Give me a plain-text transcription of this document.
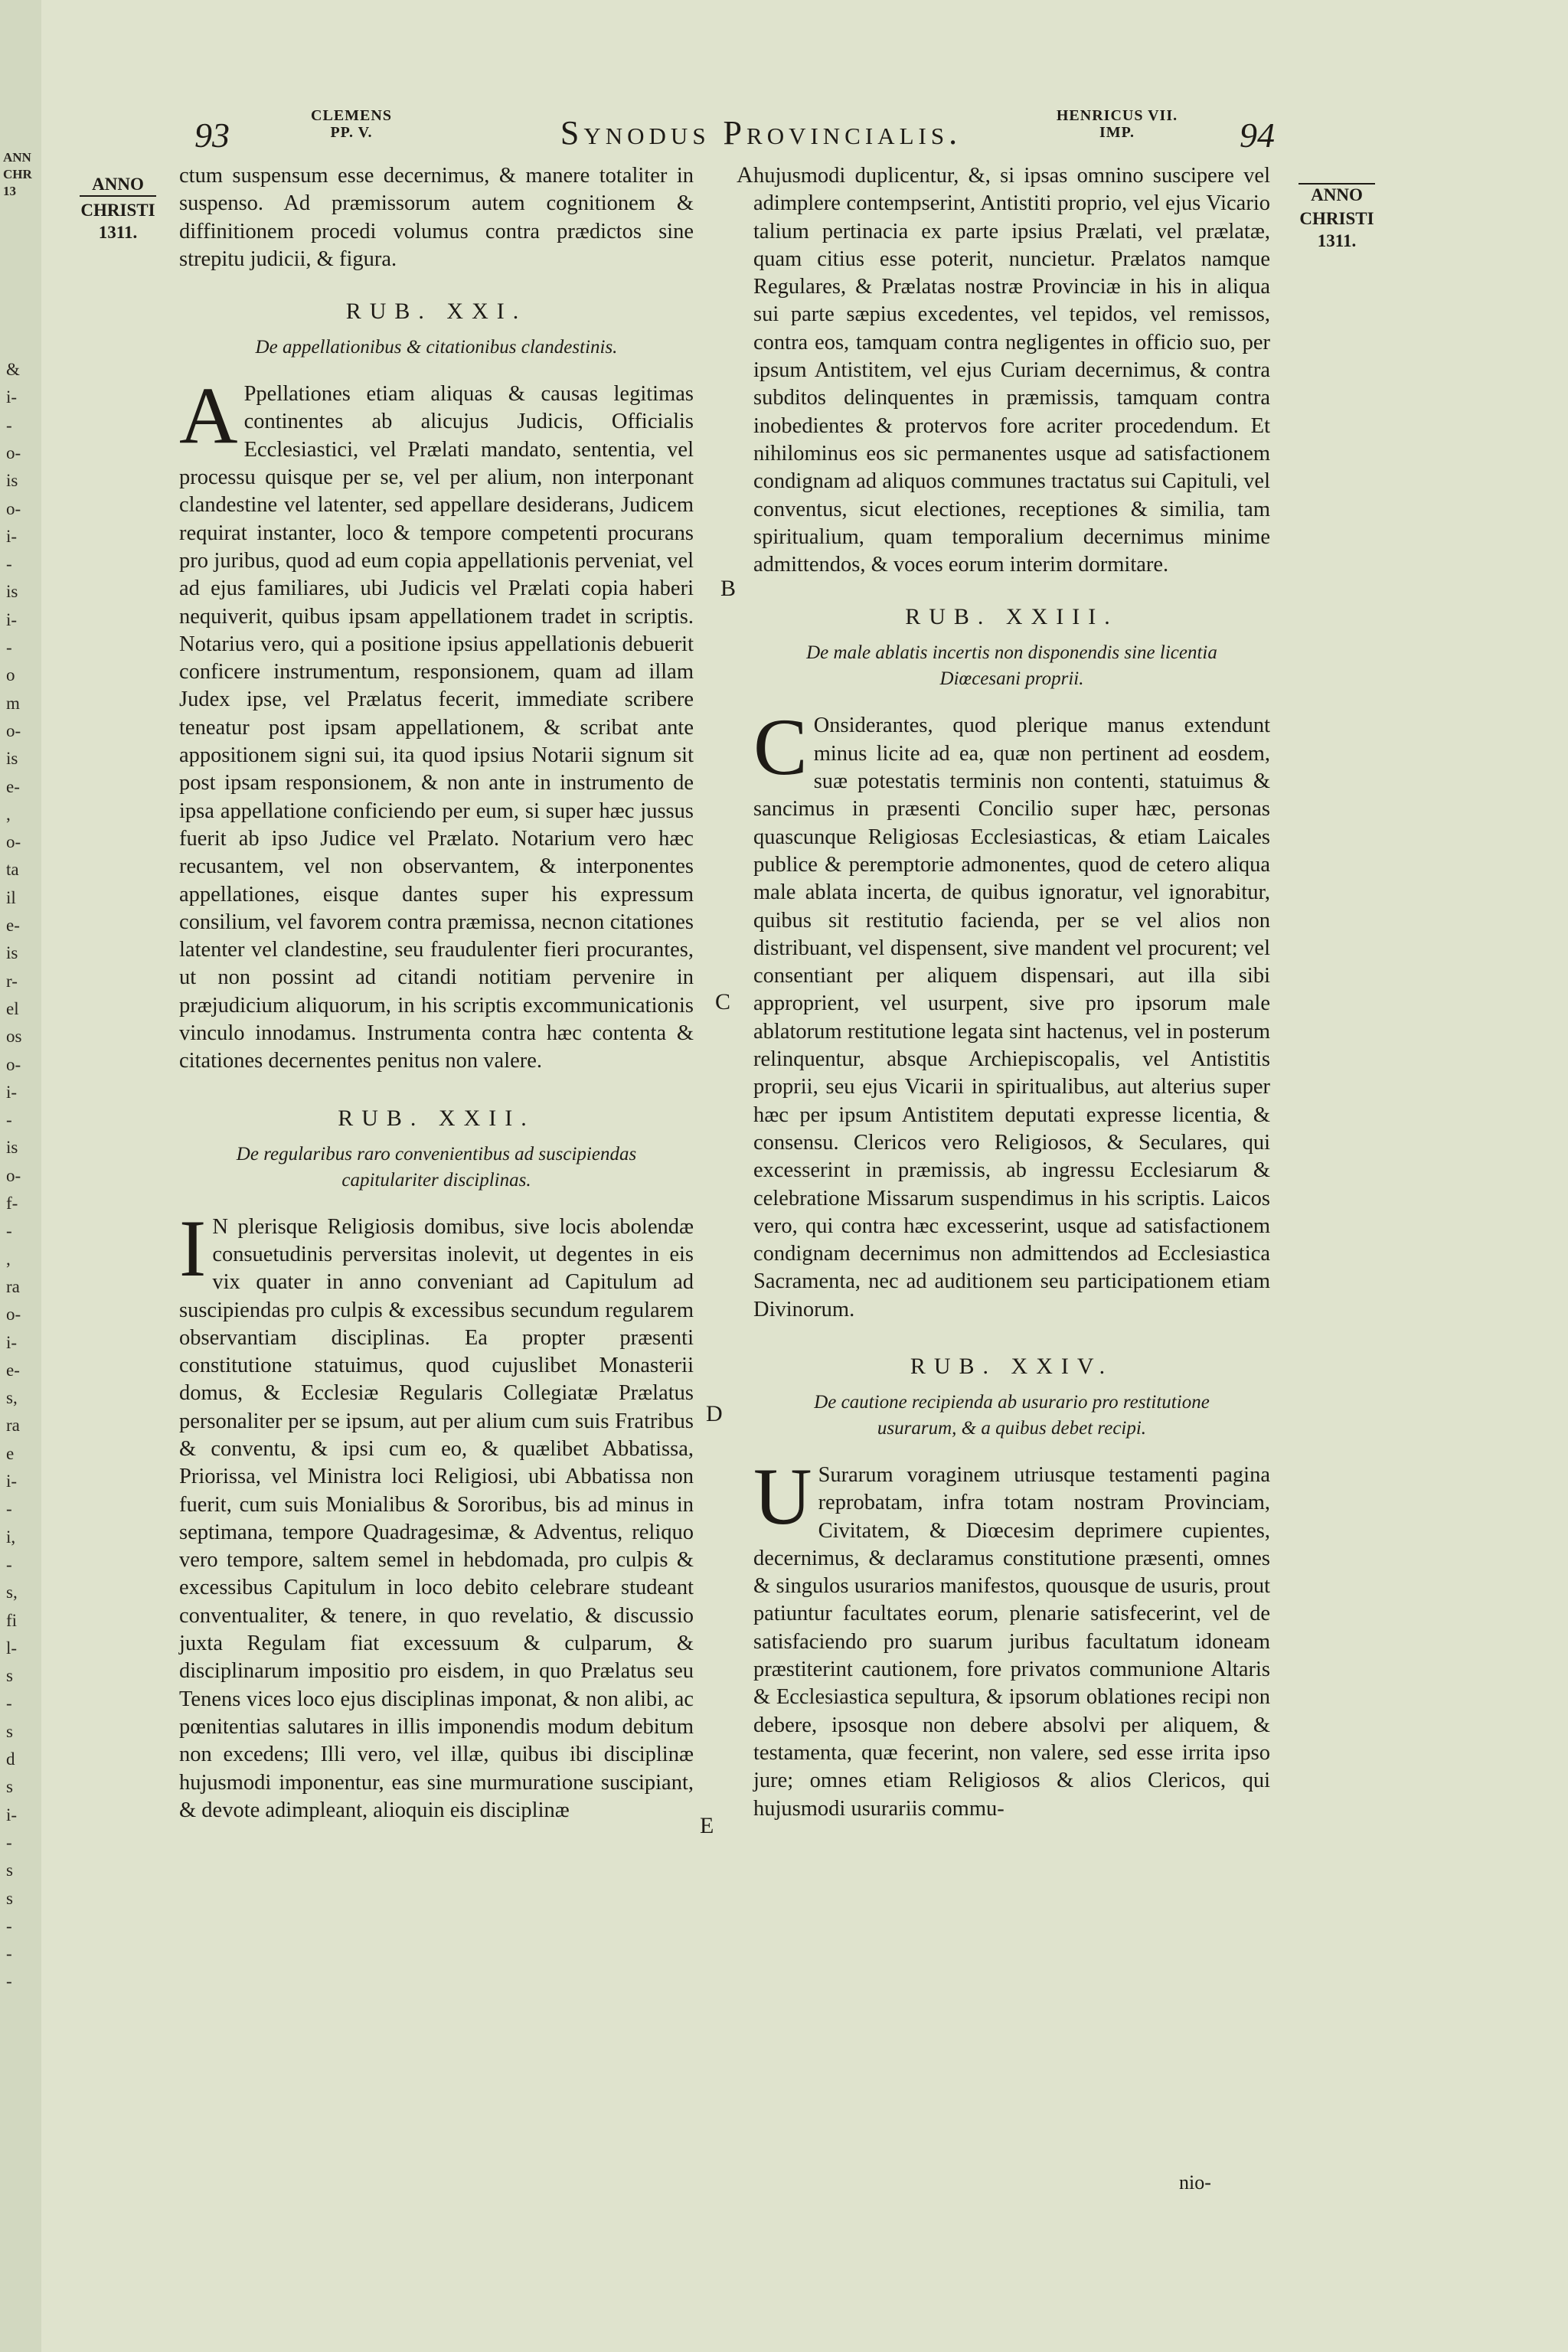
ANN
CHR
13
&
i-
-
o-
is
o-
i-
-
is
i-
-
o
m
o-
is
e-
,
o-
ta
il
e-
is
r-
el
os
o-
i-
-
is
o-
f-
-
,
ra
o-
i-
e-
s,
ra
e
i-
-
i,
-
s,
fi
l-
s
-
s
d
s
i-
-
s
s
-
-
-
93	CLEMENS
PP. V.	Synodus Provincialis.	HENRICUS VII.
IMP.	94
ANNO
CHRISTI
1311.
ANNO
CHRISTI
1311.
A
B
C
D
E

ctum suspensum esse decernimus, & manere totaliter in suspenso. Ad præmissorum autem cognitionem & diffinitionem procedi volumus contra prædictos sine strepitu judicii, & figura.

RUB. XXI.
De appellationibus & citationibus clandestinis.

A Ppellationes etiam aliquas & causas legitimas continentes ab alicujus Judicis, Officialis Ecclesiastici, vel Prælati mandato, sententia, vel processu quisque per se, vel per alium, non interponant clandestine vel latenter, sed appellare desiderans, Judicem requirat instanter, loco & tempore competenti procurans pro juribus, quod ad eum copia appellationis perveniat, vel ad ejus familiares, ubi Judicis vel Prælati copia haberi nequiverit, quibus ipsam appellationem tradet in scriptis. Notarius vero, qui a positione ipsius appellationis debuerit conficere instrumentum, responsionem, quam ad illam Judex ipse, vel Prælatus fecerit, immediate scribere teneatur post ipsam appellationem, & scribat ante appositionem signi sui, ita quod ipsius Notarii signum sit post ipsam responsionem, & non ante in instrumento de ipsa appellatione conficiendo per eum, si super hæc jussus fuerit ab ipso Judice vel Prælato. Notarium vero hæc recusantem, vel non observantem, & interponentes appellationes, eisque dantes super his expressum consilium, vel favorem contra præmissa, necnon citationes latenter vel clandestine, seu fraudulenter fieri procurantes, ut non possint ad citandi notitiam pervenire in præjudicium aliquorum, in his scriptis excommunicationis vinculo innodamus. Instrumenta contra hæc contenta & citationes decernentes penitus non valere.

RUB. XXII.
De regularibus raro convenientibus ad suscipiendas capitulariter disciplinas.

I N plerisque Religiosis domibus, sive locis abolendæ consuetudinis perversitas inolevit, ut degentes in eis vix quater in anno conveniant ad Capitulum ad suscipiendas pro culpis & excessibus secundum regularem observantiam disciplinas. Ea propter præsenti constitutione statuimus, quod cujuslibet Monasterii domus, & Ecclesiæ Regularis Collegiatæ Prælatus personaliter per se ipsum, aut per alium cum suis Fratribus & conventu, & ipsi cum eo, & quælibet Abbatissa, Priorissa, vel Ministra loci Religiosi, ubi Abbatissa non fuerit, cum suis Monialibus & Sororibus, bis ad minus in septimana, tempore Quadragesimæ, & Adventus, reliquo vero tempore, saltem semel in hebdomada, pro culpis & excessibus Capitulum in loco debito celebrare studeant conventualiter, & tenere, in quo revelatio, & discussio juxta Regulam fiat excessuum & culparum, & disciplinarum impositio pro eisdem, in quo Prælatus seu Tenens vices loco ejus disciplinas imponat, & non alibi, ac pœnitentias salutares in illis imponendis modum debitum non excedens; Illi vero, vel illæ, quibus ibi disciplinæ hujusmodi imponentur, eas sine murmuratione suscipiant, & devote adimpleant, alioquin eis disciplinæ

hujusmodi duplicentur, &, si ipsas omnino suscipere vel adimplere contempserint, Antistiti proprio, vel ejus Vicario talium pertinacia ex parte ipsius Prælati, vel prælatæ, quam citius esse poterit, nuncietur. Prælatos namque Regulares, & Prælatas nostræ Provinciæ in his in aliqua sui parte sæpius excedentes, vel tepidos, vel remissos, contra eos, tamquam contra negligentes in officio suo, per ipsum Antistitem, vel ejus Curiam decernimus, & contra subditos delinquentes in præmissis, tamquam contra inobedientes & protervos fore acriter procedendum. Et nihilominus eos sic permanentes usque ad satisfactionem condignam ad aliquos communes tractatus sui Capituli, vel conventus, sicut electiones, receptiones & similia, tam spiritualium, quam temporalium decernimus minime admittendos, & voces eorum interim dormitare.

RUB. XXIII.
De male ablatis incertis non disponendis sine licentia Diœcesani proprii.

C Onsiderantes, quod plerique manus extendunt minus licite ad ea, quæ non pertinent ad eosdem, suæ potestatis terminis non contenti, statuimus & sancimus in præsenti Concilio super hæc, personas quascunque Religiosas Ecclesiasticas, & etiam Laicales publice & peremptorie admonentes, quod de cetero aliqua male ablata incerta, de quibus ignoratur, vel ignorabitur, quibus sit restitutio facienda, per se vel alios non distribuant, vel dispensent, sive mandent vel procurent; vel consentiant per aliquem dispensari, aut illa sibi approprient, vel usurpent, sive pro ipsorum male ablatorum restitutione legata sint hactenus, vel in posterum relinquentur, absque Archiepiscopalis, vel Antistitis proprii, seu ejus Vicarii in spiritualibus, aut alterius super hæc per ipsum Antistitem deputati expresse licentia, & consensu. Clericos vero Religiosos, & Seculares, qui excesserint in præmissis, ab ingressu Ecclesiarum & celebratione Missarum suspendimus in his scriptis. Laicos vero, qui contra hæc excesserint, usque ad satisfactionem condignam decernimus non admittendos ad Ecclesiastica Sacramenta, nec ad auditionem seu participationem etiam Divinorum.

RUB. XXIV.
De cautione recipienda ab usurario pro restitutione usurarum, & a quibus debet recipi.

U Surarum voraginem utriusque testamenti pagina reprobatam, infra totam nostram Provinciam, Civitatem, & Diœcesim deprimere cupientes, decernimus, & declaramus constitutione præsenti, omnes & singulos usurarios manifestos, quousque de usuris, prout patiuntur facultates eorum, plenarie satisfecerint, vel de satisfaciendo pro suarum juribus facultatum idoneam præstiterint cautionem, fore privatos communione Altaris & Ecclesiastica sepultura, & ipsorum oblationes recipi non debere, ipsosque non debere absolvi per aliquem, & testamenta, quæ fecerint, non valere, sed esse irrita ipso jure; omnes etiam Religiosos & alios Clericos, qui hujusmodi usurariis commu-

nio-
